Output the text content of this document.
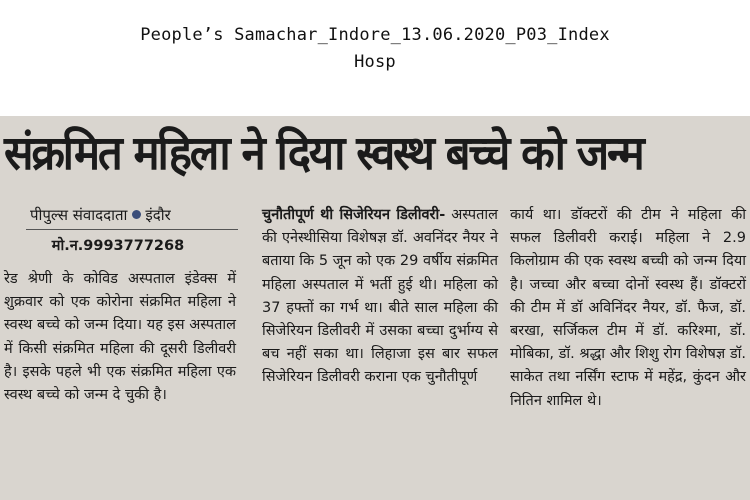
People’s Samachar_Indore_13.06.2020_P03_Index
Hosp
संक्रमित महिला ने दिया स्वस्थ बच्चे को जन्म
पीपुल्स संवाददाता इंदौर
मो.न.9993777268

रेड श्रेणी के कोविड अस्पताल इंडेक्स में शुक्रवार को एक कोरोना संक्रमित महिला ने स्वस्थ बच्चे को जन्म दिया। यह इस अस्पताल में किसी संक्रमित महिला की दूसरी डिलीवरी है। इसके पहले भी एक संक्रमित महिला एक स्वस्थ बच्चे को जन्म दे चुकी है।

चुनौतीपूर्ण थी सिजेरियन डिलीवरी- अस्पताल की एनेस्थीसिया विशेषज्ञ डॉ. अवनिंदर नैयर ने बताया कि 5 जून को एक 29 वर्षीय संक्रमित महिला अस्पताल में भर्ती हुई थी। महिला को 37 हफ्तों का गर्भ था। बीते साल महिला की सिजेरियन डिलीवरी में उसका बच्चा दुर्भाग्य से बच नहीं सका था। लिहाजा इस बार सफल सिजेरियन डिलीवरी कराना एक चुनौतीपूर्ण

कार्य था। डॉक्टरों की टीम ने महिला की सफल डिलीवरी कराई। महिला ने 2.9 किलोग्राम की एक स्वस्थ बच्ची को जन्म दिया है। जच्चा और बच्चा दोनों स्वस्थ हैं। डॉक्टरों की टीम में डॉ अविनिंदर नैयर, डॉ. फैज, डॉ. बरखा, सर्जिकल टीम में डॉ. करिश्मा, डॉ. मोबिका, डॉ. श्रद्धा और शिशु रोग विशेषज्ञ डॉ. साकेत तथा नर्सिंग स्टाफ में महेंद्र, कुंदन और नितिन शामिल थे।
